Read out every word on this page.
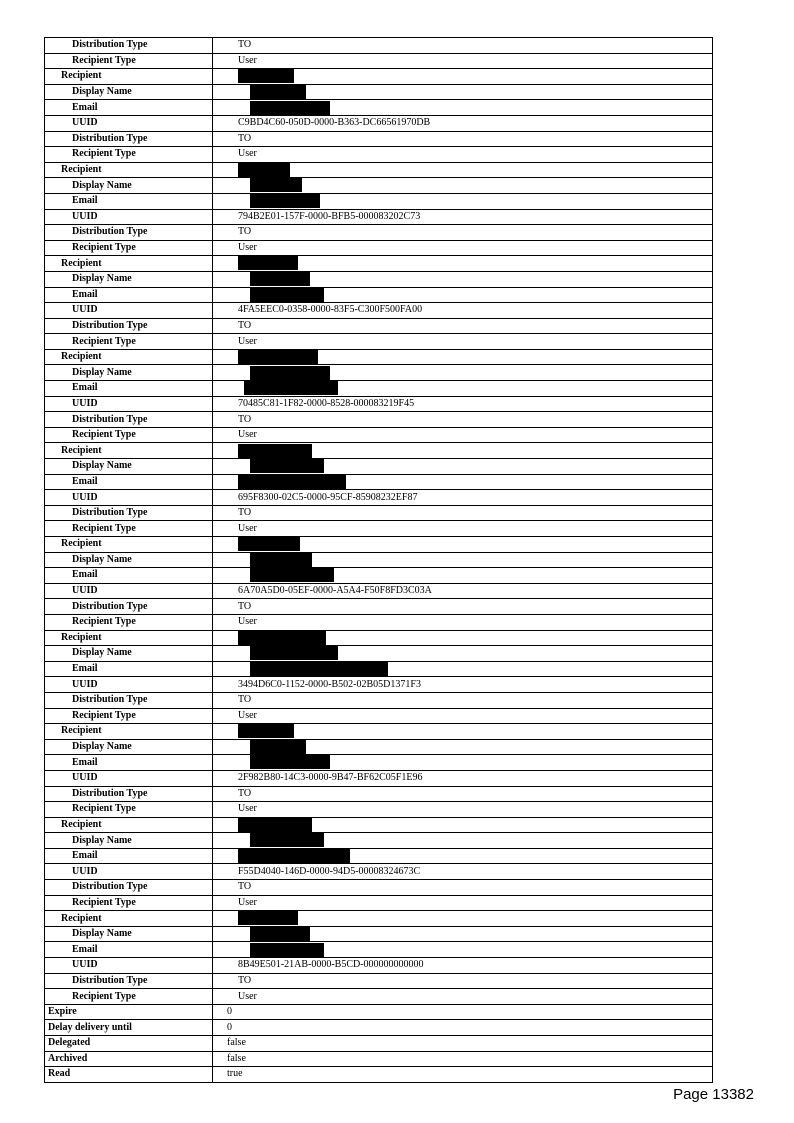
Distribution Type	TO
Recipient Type	User
Recipient	
Display Name	
Email	
UUID	C9BD4C60-050D-0000-B363-DC66561970DB
Distribution Type	TO
Recipient Type	User
Recipient	
Display Name	
Email	
UUID	794B2E01-157F-0000-BFB5-000083202C73
Distribution Type	TO
Recipient Type	User
Recipient	
Display Name	
Email	
UUID	4FA5EEC0-0358-0000-83F5-C300F500FA00
Distribution Type	TO
Recipient Type	User
Recipient	
Display Name	
Email	
UUID	70485C81-1F82-0000-8528-000083219F45
Distribution Type	TO
Recipient Type	User
Recipient	
Display Name	
Email	
UUID	695F8300-02C5-0000-95CF-85908232EF87
Distribution Type	TO
Recipient Type	User
Recipient	
Display Name	
Email	
UUID	6A70A5D0-05EF-0000-A5A4-F50F8FD3C03A
Distribution Type	TO
Recipient Type	User
Recipient	
Display Name	
Email	
UUID	3494D6C0-1152-0000-B502-02B05D1371F3
Distribution Type	TO
Recipient Type	User
Recipient	
Display Name	
Email	
UUID	2F982B80-14C3-0000-9B47-BF62C05F1E96
Distribution Type	TO
Recipient Type	User
Recipient	
Display Name	
Email	
UUID	F55D4040-146D-0000-94D5-00008324673C
Distribution Type	TO
Recipient Type	User
Recipient	
Display Name	
Email	
UUID	8B49E501-21AB-0000-B5CD-000000000000
Distribution Type	TO
Recipient Type	User
Expire	0
Delay delivery until	0
Delegated	false
Archived	false
Read	true
Page 13382
